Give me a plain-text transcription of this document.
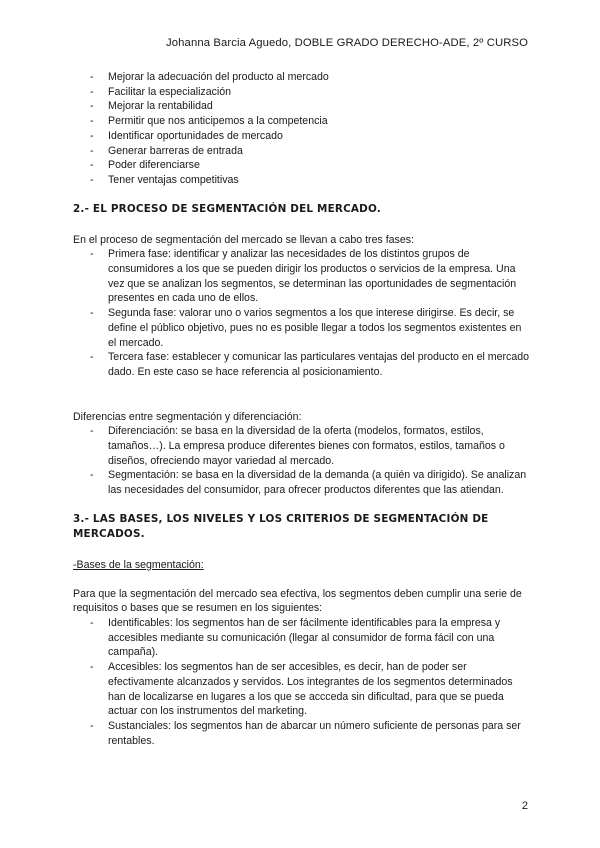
Johanna Barcia Aguedo, DOBLE GRADO DERECHO-ADE, 2º CURSO
- Mejorar la adecuación del producto al mercado
- Facilitar la especialización
- Mejorar la rentabilidad
- Permitir que nos anticipemos a la competencia
- Identificar oportunidades de mercado
- Generar barreras de entrada
- Poder diferenciarse
- Tener ventajas competitivas

2.- EL PROCESO DE SEGMENTACIÓN DEL MERCADO.

En el proceso de segmentación del mercado se llevan a cabo tres fases:

- Primera fase: identificar y analizar las necesidades de los distintos grupos de consumidores a los que se pueden dirigir los productos o servicios de la empresa. Una vez que se analizan los segmentos, se determinan las oportunidades de segmentación presentes en cada uno de ellos.
- Segunda fase: valorar uno o varios segmentos a los que interese dirigirse. Es decir, se define el público objetivo, pues no es posible llegar a todos los segmentos existentes en el mercado.
- Tercera fase: establecer y comunicar las particulares ventajas del producto en el mercado dado. En este caso se hace referencia al posicionamiento.

Diferencias entre segmentación y diferenciación:

- Diferenciación: se basa en la diversidad de la oferta (modelos, formatos, estilos, tamaños…). La empresa produce diferentes bienes con formatos, estilos, tamaños o diseños, ofreciendo mayor variedad al mercado.
- Segmentación: se basa en la diversidad de la demanda (a quién va dirigido). Se analizan las necesidades del consumidor, para ofrecer productos diferentes que las atiendan.

3.- LAS BASES, LOS NIVELES Y LOS CRITERIOS DE SEGMENTACIÓN DE MERCADOS.

-Bases de la segmentación:

Para que la segmentación del mercado sea efectiva, los segmentos deben cumplir una serie de requisitos o bases que se resumen en los siguientes:

- Identificables: los segmentos han de ser fácilmente identificables para la empresa y accesibles mediante su comunicación (llegar al consumidor de forma fácil con una campaña).
- Accesibles: los segmentos han de ser accesibles, es decir, han de poder ser efectivamente alcanzados y servidos. Los integrantes de los segmentos determinados han de localizarse en lugares a los que se accceda sin dificultad, para que se pueda actuar con los instrumentos del marketing.
- Sustanciales: los segmentos han de abarcar un número suficiente de personas para ser rentables.
2
